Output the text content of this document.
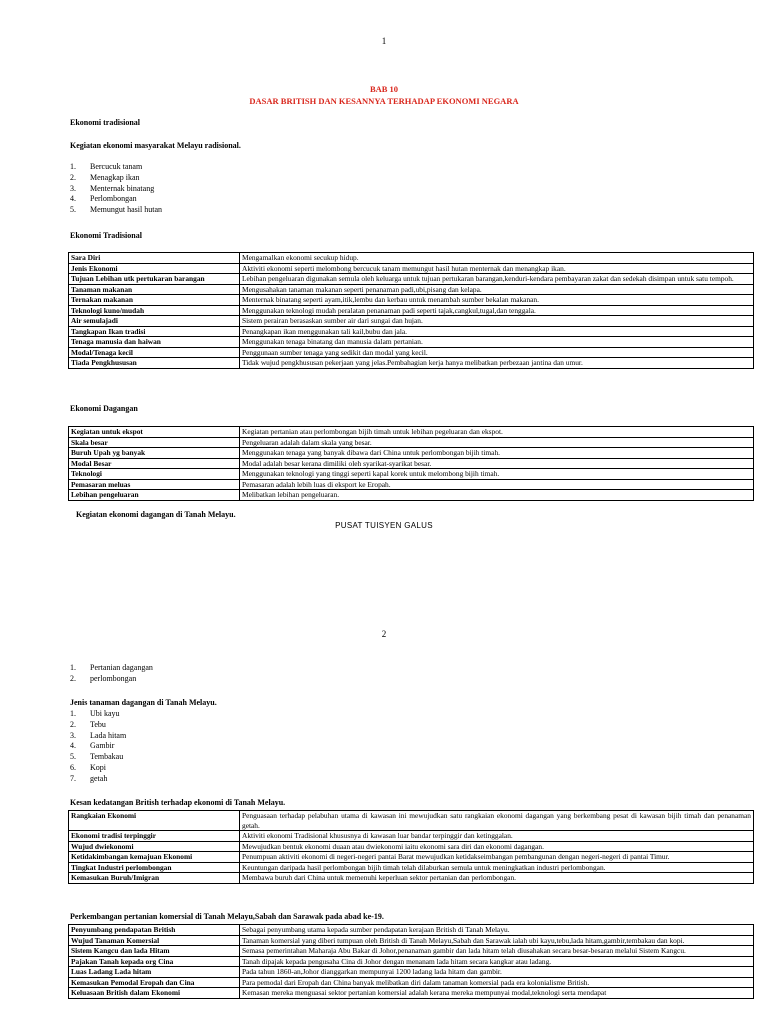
1
BAB 10
DASAR BRITISH DAN KESANNYA TERHADAP EKONOMI NEGARA
Ekonomi tradisional
Kegiatan ekonomi masyarakat Melayu radisional.
1. Bercucuk tanam
2. Menagkap ikan
3. Menternak binatang
4. Perlombongan
5. Memungut hasil hutan
Ekonomi Tradisional
Sara Diri	Mengamalkan ekonomi secukup hidup.
Jenis Ekonomi	Aktiviti ekonomi seperti melombong bercucuk tanam memungut hasil hutan menternak dan menangkap ikan.
Tujuan Lebihan utk pertukaran barangan	Lebihan pengeluaran digunakan semula oleh keluarga untuk tujuan pertukaran barangan,kenduri-kendara pembayaran zakat dan sedekah disimpan untuk satu tempoh.
Tanaman makanan	Mengusahakan tanaman makanan seperti penanaman padi,ubi,pisang dan kelapa.
Ternakan makanan	Menternak binatang seperti ayam,itik,lembu dan kerbau untuk menambah sumber bekalan makanan.
Teknologi kuno/mudah	Menggunakan teknologi mudah peralatan penanaman padi seperti tajak,cangkul,tugal,dan tenggala.
Air semulajadi	Sistem perairan berasaskan sumber air dari sungai dan hujan.
Tangkapan Ikan tradisi	Penangkapan ikan menggunakan tali kail,bubu dan jala.
Tenaga manusia dan haiwan	Menggunakan tenaga binatang dan manusia dalam pertanian.
Modal/Tenaga kecil	Penggunaan sumber tenaga yang sedikit dan modal yang kecil.
Tiada Pengkhususan	Tidak wujud pengkhususan pekerjaan yang jelas.Pembahagian kerja hanya melibatkan perbezaan jantina dan umur.
Ekonomi Dagangan
Kegiatan untuk ekspot	Kegiatan pertanian atau perlombongan bijih timah untuk lebihan pegeluaran dan ekspot.
Skala besar	Pengeluaran adalah dalam skala yang besar.
Buruh Upah yg banyak	Menggunakan tenaga yang banyak dibawa dari China untuk perlombongan bijih timah.
Modal Besar	Modal adalah besar kerana dimiliki oleh syarikat-syarikat besar.
Teknologi	Menggunakan teknologi yang tinggi seperti kapal korek untuk melombong bijih timah.
Pemasaran meluas	Pemasaran adalah lebih luas di eksport ke Eropah.
Lebihan pengeluaran	Melibatkan lebihan pengeluaran.
Kegiatan ekonomi dagangan di Tanah Melayu.
PUSAT TUISYEN GALUS
2
1. Pertanian dagangan
2. perlombongan
Jenis tanaman dagangan di Tanah Melayu.
1. Ubi kayu
2. Tebu
3. Lada hitam
4. Gambir
5. Tembakau
6. Kopi
7. getah
Kesan kedatangan British terhadap ekonomi di Tanah Melayu.
Rangkaian Ekonomi	Penguasaan terhadap pelabuhan utama di kawasan ini mewujudkan satu rangkaian ekonomi dagangan yang berkembang pesat di kawasan bijih timah dan penanaman getah.
Ekonomi tradisi terpinggir	Aktiviti ekonomi Tradisional khususnya di kawasan luar bandar terpinggir dan ketinggalan.
Wujud dwiekonomi	Mewujudkan bentuk ekonomi duaan atau dwiekonomi iaitu ekonomi sara diri dan ekonomi dagangan.
Ketidakimbangan kemajuan Ekonomi	Penumpuan aktiviti ekonomi di negeri-negeri pantai Barat mewujudkan ketidakseimbangan pembangunan dengan negeri-negeri di pantai Timur.
Tingkat Industri perlombongan	Keuntungan daripada hasil perlombongan bijih timah telah dilaburkan semula untuk meningkatkan industri perlombongan.
Kemasukan Buruh/Imigran	Membawa buruh dari China untuk memenuhi keperluan sektor pertanian dan perlombongan.
Perkembangan pertanian komersial di Tanah Melayu,Sabah dan Sarawak pada abad ke-19.
Penyumbang pendapatan British	Sebagai penyumbang utama kepada sumber pendapatan kerajaan British di Tanah Melayu.
Wujud Tanaman Komersial	Tanaman komersial yang diberi tumpuan oleh British di Tanah Melayu,Sabah dan Sarawak ialah ubi kayu,tebu,lada hitam,gambir,tembakau dan kopi.
Sistem Kangcu dan lada Hitam	Semasa pemerintahan Maharaja Abu Bakar di Johor,penanaman gambir dan lada hitam telah diusahakan secara besar-besaran melalui Sistem Kangcu.
Pajakan Tanah kepada org Cina	Tanah dipajak kepada pengusaha Cina di Johor dengan menanam lada hitam secara kangkar atau ladang.
Luas Ladang Lada hitam	Pada tahun 1860-an,Johor dianggarkan mempunyai 1200 ladang lada hitam dan gambir.
Kemasukan Pemodal Eropah dan Cina	Para pemodal dari Eropah dan China banyak melibatkan diri dalam tanaman komersial pada era kolonialisme British.
Keluasaan British dalam Ekonomi	Kemasan mereka menguasai sektor pertanian komersial adalah kerana mereka mempunyai modal,teknologi serta mendapat
